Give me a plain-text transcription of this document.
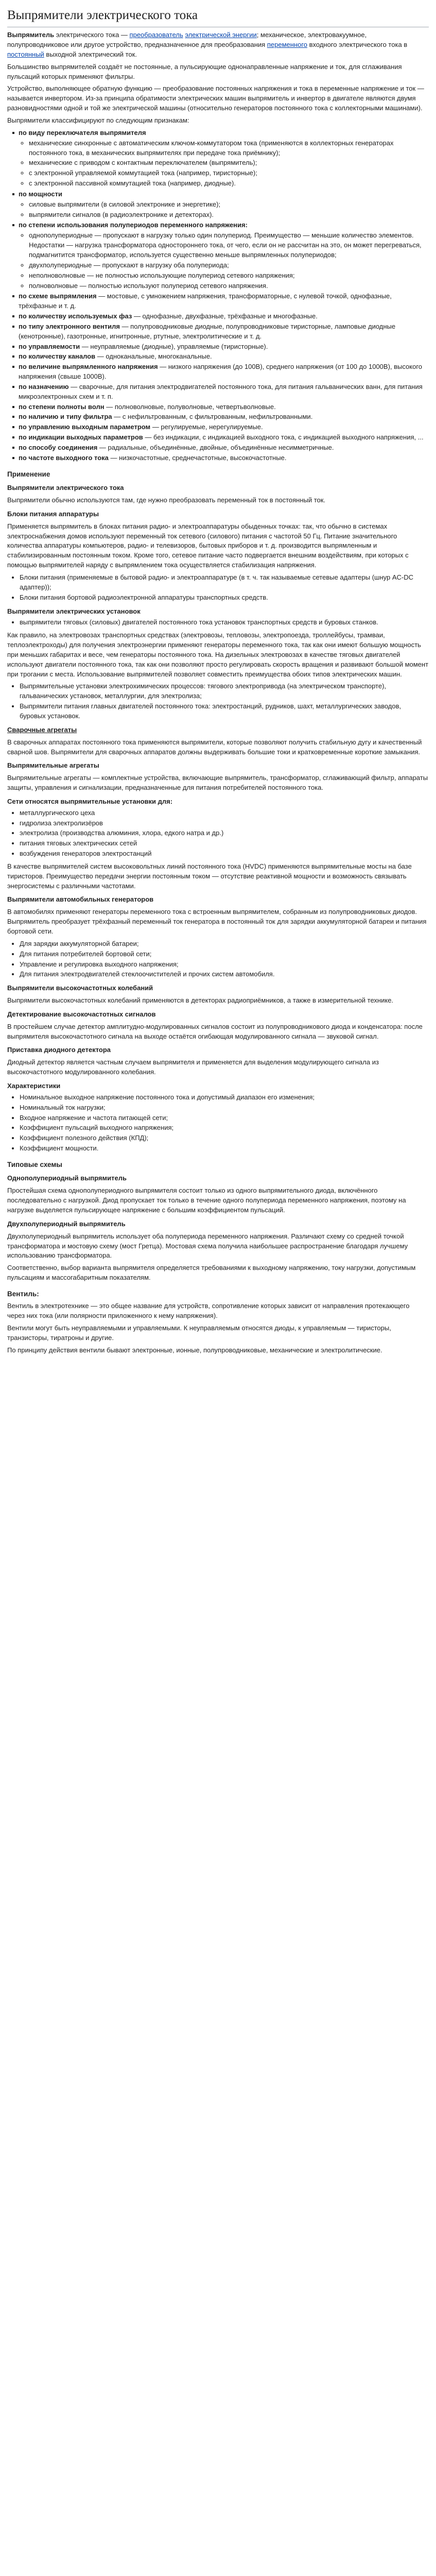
Выпрямители электрического тока

Выпрямитель электрического тока — преобразователь электрической энергии; механическое, электровакуумное, полупроводниковое или другое устройство, предназначенное для преобразования переменного входного электрического тока в постоянный выходной электрический ток.

Большинство выпрямителей создаёт не постоянные, а пульсирующие однонаправленные напряжение и ток, для сглаживания пульсаций которых применяют фильтры.

Устройство, выполняющее обратную функцию — преобразование постоянных напряжения и тока в переменные напряжение и ток — называется инвертором. Из-за принципа обратимости электрических машин выпрямитель и инвертор в двигателе являются двумя разновидностями одной и той же электрической машины (относительно генераторов постоянного тока с коллекторными машинами).

Выпрямители классифицируют по следующим признакам:

по виду переключателя выпрямителя
◦ механические синхронные с автоматическим ключом-коммутатором тока (применяются в коллекторных генераторах постоянного тока, в механических выпрямителях при передаче тока приёмнику);
◦ механические с приводом с контактным переключателем (выпрямитель);
◦ с электронной управляемой коммутацией тока (например, тиристорные);
◦ с электронной пассивной коммутацией тока (например, диодные).
по мощности
◦ силовые выпрямители (в силовой электронике и энергетике);
◦ выпрямители сигналов (в радиоэлектронике и детекторах).
по степени использования полупериодов переменного напряжения:
◦ однополупериодные — пропускают в нагрузку только один полупериод. Преимущество — меньшие количество элементов. Недостатки — нагрузка трансформатора одностороннего тока, от чего, если он не рассчитан на это, он может перегреваться, подмагнитится трансформатор, используется существенно меньше выпрямленных полупериодов;
◦ двухполупериодные — пропускают в нагрузку оба полупериода;
◦ неполноволновые — не полностью использующие полупериод сетевого напряжения;
◦ полноволновые — полностью используют полупериод сетевого напряжения.
по схеме выпрямления — мостовые, с умножением напряжения, трансформаторные, с нулевой точкой, однофазные, трёхфазные и т. д.
по количеству используемых фаз — однофазные, двухфазные, трёхфазные и многофазные.
по типу электронного вентиля — полупроводниковые диодные, полупроводниковые тиристорные, ламповые диодные (кенотронные), газотронные, игнитронные, ртутные, электролитические и т. д.
по управляемости — неуправляемые (диодные), управляемые (тиристорные).
по количеству каналов — одноканальные, многоканальные.
по величине выпрямленного напряжения — низкого напряжения (до 100В), среднего напряжения (от 100 до 1000В), высокого напряжения (свыше 1000В).
по назначению — сварочные, для питания электродвигателей постоянного тока, для питания гальванических ванн, для питания микроэлектронных схем и т. п.
по степени полноты волн — полноволновые, полуволновые, четвертьволновые.
по наличию и типу фильтра — с нефильтрованным, с фильтрованным, нефильтрованными.
по управлению выходным параметром — регулируемые, нерегулируемые.
по индикации выходных параметров — без индикации, с индикацией выходного тока, с индикацией выходного напряжения, ...
по способу соединения — радиальные, объединённые, двойные, объединённые несимметричные.
по частоте выходного тока — низкочастотные, среднечастотные, высокочастотные.
Применение
Выпрямители электрического тока

Выпрямители обычно используются там, где нужно преобразовать переменный ток в постоянный ток.

Блоки питания аппаратуры

Применяется выпрямитель в блоках питания радио- и электроаппаратуры обыденных точках: так, что обычно в системах электроснабжения домов используют переменный ток сетевого (силового) питания с частотой 50 Гц. Питание значительного количества аппаратуры компьютеров, радио- и телевизоров, бытовых приборов и т. д. производится выпрямленным и стабилизированным постоянным током. Кроме того, сетевое питание часто подвергается внешним воздействиям, при которых с помощью выпрямителей наряду с выпрямлением тока осуществляется стабилизация напряжения.

• Блоки питания (применяемые в бытовой радио- и электроаппаратуре (в т. ч. так называемые сетевые адаптеры (шнур AC-DC адаптер));
• Блоки питания бортовой радиоэлектронной аппаратуры транспортных средств.
Выпрямители электрических установок
• выпрямители тяговых (силовых) двигателей постоянного тока установок транспортных средств и буровых станков.

Как правило, на электровозах транспортных средствах (электровозы, тепловозы, электропоезда, троллейбусы, трамваи, теплоэлектроходы) для получения электроэнергии применяют генераторы переменного тока, так как они имеют большую мощность при меньших габаритах и весе, чем генераторы постоянного тока. На дизельных электровозах в качестве тяговых двигателей используют двигатели постоянного тока, так как они позволяют просто регулировать скорость вращения и развивают большой момент при трогании с места. Использование выпрямителей позволяет совместить преимущества обоих типов электрических машин.

• Выпрямительные установки электрохимических процессов: тягового электропривода (на электрическом транспорте), гальванических установок, металлургии, для электролиза;
• Выпрямители питания главных двигателей постоянного тока: электростанций, рудников, шахт, металлургических заводов, буровых установок.
Сварочные агрегаты

В сварочных аппаратах постоянного тока применяются выпрямители, которые позволяют получить стабильную дугу и качественный сварной шов. Выпрямители для сварочных аппаратов должны выдерживать большие токи и кратковременные короткие замыкания.

Выпрямительные агрегаты

Выпрямительные агрегаты — комплектные устройства, включающие выпрямитель, трансформатор, сглаживающий фильтр, аппараты защиты, управления и сигнализации, предназначенные для питания потребителей постоянного тока.

Сети относятся выпрямительные установки для:
• металлургического цеха
• гидролиза электролизёров
• электролиза (производства алюминия, хлора, едкого натра и др.)
• питания тяговых электрических сетей
• возбуждения генераторов электростанций

В качестве выпрямителей систем высоковольтных линий постоянного тока (HVDC) применяются выпрямительные мосты на базе тиристоров. Преимущество передачи энергии постоянным током — отсутствие реактивной мощности и возможность связывать энергосистемы с различными частотами.

Выпрямители автомобильных генераторов

В автомобилях применяют генераторы переменного тока с встроенным выпрямителем, собранным из полупроводниковых диодов. Выпрямитель преобразует трёхфазный переменный ток генератора в постоянный ток для зарядки аккумуляторной батареи и питания бортовой сети.

• Для зарядки аккумуляторной батареи;
• Для питания потребителей бортовой сети;
• Управление и регулировка выходного напряжения;
• Для питания электродвигателей стеклоочистителей и прочих систем автомобиля.
Выпрямители высокочастотных колебаний

Выпрямители высокочастотных колебаний применяются в детекторах радиоприёмников, а также в измерительной технике.

Детектирование высокочастотных сигналов

В простейшем случае детектор амплитудно-модулированных сигналов состоит из полупроводникового диода и конденсатора: после выпрямителя высокочастотного сигнала на выходе остаётся огибающая модулированного сигнала — звуковой сигнал.

Приставка диодного детектора

Диодный детектор является частным случаем выпрямителя и применяется для выделения модулирующего сигнала из высокочастотного модулированного колебания.

Характеристики
• Номинальное выходное напряжение постоянного тока и допустимый диапазон его изменения;
• Номинальный ток нагрузки;
• Входное напряжение и частота питающей сети;
• Коэффициент пульсаций выходного напряжения;
• Коэффициент полезного действия (КПД);
• Коэффициент мощности.
Типовые схемы
Однополупериодный выпрямитель

Простейшая схема однополупериодного выпрямителя состоит только из одного выпрямительного диода, включённого последовательно с нагрузкой. Диод пропускает ток только в течение одного полупериода переменного напряжения, поэтому на нагрузке выделяется пульсирующее напряжение с большим коэффициентом пульсаций.

Двухполупериодный выпрямитель

Двухполупериодный выпрямитель использует оба полупериода переменного напряжения. Различают схему со средней точкой трансформатора и мостовую схему (мост Гретца). Мостовая схема получила наибольшее распространение благодаря лучшему использованию трансформатора.

Соответственно, выбор варианта выпрямителя определяется требованиями к выходному напряжению, току нагрузки, допустимым пульсациям и массогабаритным показателям.

Вентиль:

Вентиль в электротехнике — это общее название для устройств, сопротивление которых зависит от направления протекающего через них тока (или полярности приложенного к нему напряжения).

Вентили могут быть неуправляемыми и управляемыми. К неуправляемым относятся диоды, к управляемым — тиристоры, транзисторы, тиратроны и другие.

По принципу действия вентили бывают электронные, ионные, полупроводниковые, механические и электролитические.
